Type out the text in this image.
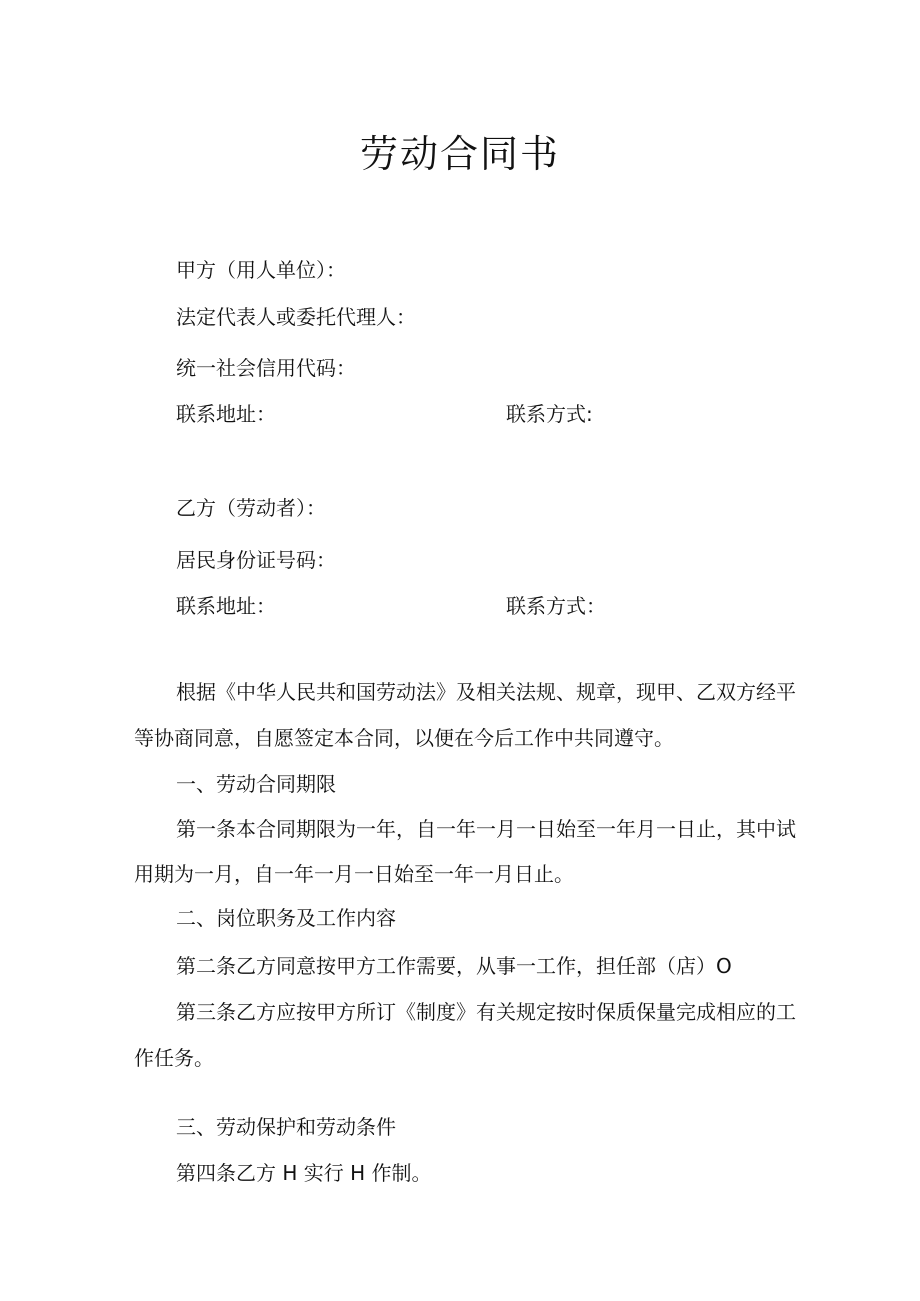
劳动合同书
甲方（用人单位）：
法定代表人或委托代理人：
统一社会信用代码：
联系地址：	联系方式:
乙方（劳动者）：
居民身份证号码：
联系地址：	联系方式：
根据《中华人民共和国劳动法》及相关法规、规章，现甲、乙双方经平
等协商同意，自愿签定本合同，以便在今后工作中共同遵守。
一、劳动合同期限
第一条本合同期限为一年，自一年一月一日始至一年月一日止，其中试
用期为一月，自一年一月一日始至一年一月日止。
二、岗位职务及工作内容
第二条乙方同意按甲方工作需要，从事一工作，担任部（店）O
第三条乙方应按甲方所订《制度》有关规定按时保质保量完成相应的工
作任务。
三、劳动保护和劳动条件
第四条乙方 H 实行 H 作制。
